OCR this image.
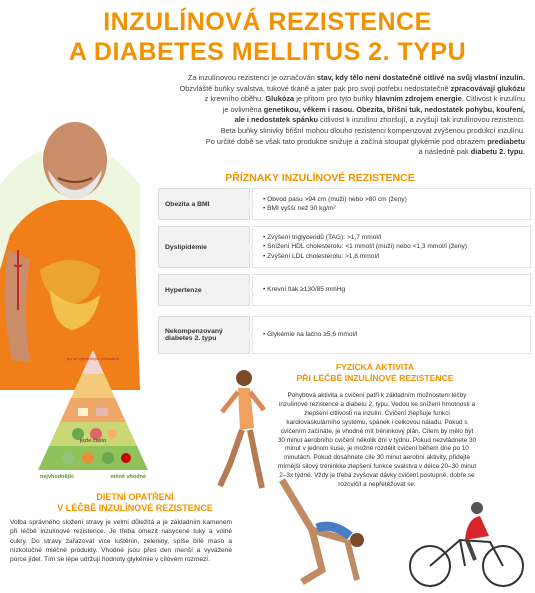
INZULÍNOVÁ REZISTENCE
A DIABETES MELLITUS 2. TYPU
Za inzulínovou rezistenci je označován stav, kdy tělo není dostatečně citlivé na svůj vlastní inzulín.
Obzvláště buňky svalstva, tukové tkáně a jater pak pro svoji potřebu nedostatečně zpracovávají glukózu
z krevního oběhu. Glukóza je přitom pro tyto buňky hlavním zdrojem energie. Citlivost k inzulínu
je ovlivněna genetikou, věkem i rasou. Obezita, břišní tuk, nedostatek pohybu, kouření,
ale i nedostatek spánku citlivost k inzulínu zhoršují, a zvyšují tak inzulínovou rezistenci.
Beta buňky slinivky břišní mohou dlouho rezistenci kompenzovat zvýšenou produkcí inzulínu.
Po určité době se však tato produkce snižuje a začíná stoupat glykémie pod obrazem prediabetu
a následně pak diabetu 2. typu.
PŘÍZNAKY INZULÍNOVÉ REZISTENCE
Obezita a BMI
• Obvod pasu >94 cm (muži) nebo >80 cm (ženy)
• BMI vyšší než 30 kg/m²
Dyslipidémie
• Zvýšení triglyceridů (TAG): >1,7 mmol/l
• Snížení HDL cholesterolu: <1 mmol/l (muži) nebo <1,3 mmol/l (ženy)
• Zvýšení LDL cholesterolu: >1,8 mmol/l
Hypertenze
•	Krevní tlak ≥130/85 mmHg
Nekompenzovaný diabetes 2. typu
• Glykémie na lačno ≥5,6 mmol/l
jezte často
nejvhodnější	méně vhodné
jen ve výjimečných případech
DIETNÍ OPATŘENÍ
V LÉČBĚ INZULÍNOVÉ REZISTENCE
Volba správného složení stravy je velmi důležitá a je základním kamenem při léčbě inzulínové rezistence. Je třeba omezit nasycené tuky a volné cukry. Do stravy zařazovat více luštěnin, zeleniny, spíše bílé maso a nízkotučné mléčné produkty. Vhodné jsou přes den menší a vyvážené porce jídel. Tím se lépe udržují hodnoty glykémie v cílovém rozmezí.
FYZICKÁ AKTIVITA
PŘI LÉČBĚ INZULÍNOVÉ REZISTENCE
Pohybová aktivita a cvičení patří k základním možnostem léčby inzulínové rezistence a diabetu 2. typu. Vedou ke snížení hmotnosti a zlepšení citlivosti na inzulín. Cvičení zlepšuje funkci kardiovaskulárního systému, spánek i celkovou náladu. Pokud s cvičením začínáte, je vhodné mít tréninkový plán. Cílem by mělo být 30 minut aerobního cvičení několik dní v týdnu. Pokud nezvládnete 30 minut v jednom kuse, je možné rozdělit cvičení během dne po 10 minutách. Pokud dosáhnete cíle 30 minut aerobní aktivity, přidejte mírnější silový tréninkke zlepšení funkce svalstva v délce 20–30 minut 2–3x týdně. Vždy je třeba zvyšovat dávky cvičení postupně, dobře se rozcvičit a nepřetěžovat se.
